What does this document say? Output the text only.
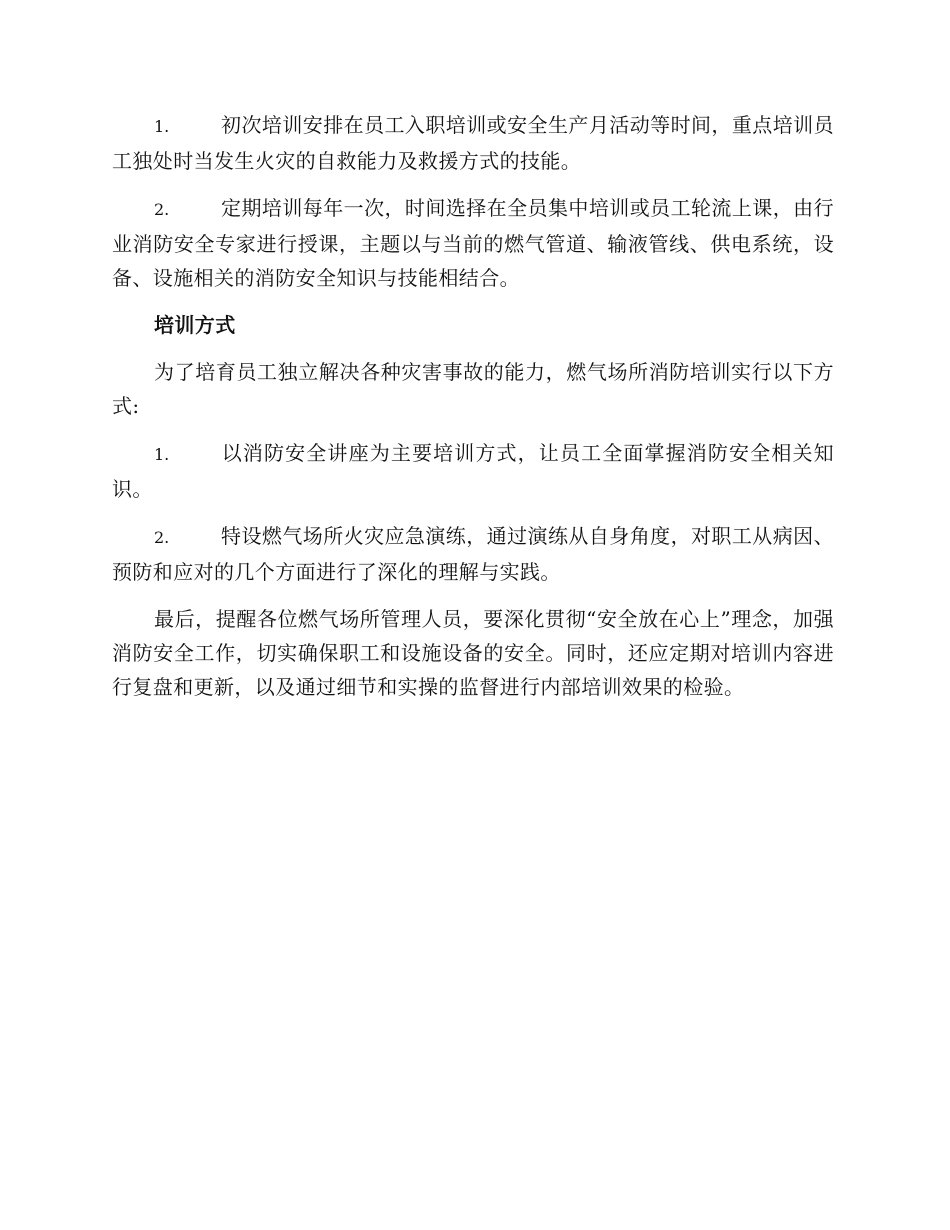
1.	初次培训安排在员工入职培训或安全生产月活动等时间，重点培训员工独处时当发生火灾的自救能力及救援方式的技能。

2.	定期培训每年一次，时间选择在全员集中培训或员工轮流上课，由行业消防安全专家进行授课，主题以与当前的燃气管道、输液管线、供电系统，设备、设施相关的消防安全知识与技能相结合。

培训方式

为了培育员工独立解决各种灾害事故的能力，燃气场所消防培训实行以下方式:

1.	以消防安全讲座为主要培训方式，让员工全面掌握消防安全相关知识。

2.	特设燃气场所火灾应急演练，通过演练从自身角度，对职工从病因、预防和应对的几个方面进行了深化的理解与实践。

最后，提醒各位燃气场所管理人员，要深化贯彻“安全放在心上”理念，加强消防安全工作，切实确保职工和设施设备的安全。同时，还应定期对培训内容进行复盘和更新，以及通过细节和实操的监督进行内部培训效果的检验。
